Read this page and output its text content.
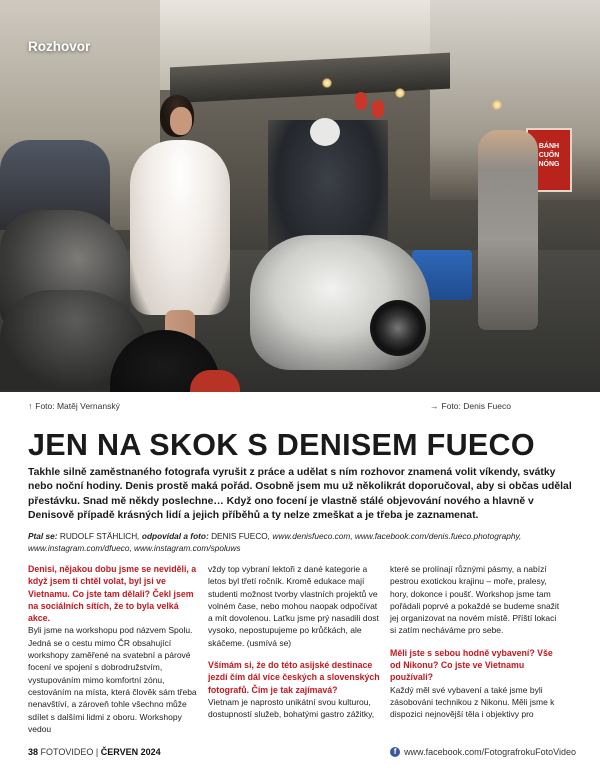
BÁNH CUỐN NÓNG
Rozhovor
↑ Foto: Matěj Vernanský	→ Foto: Denis Fueco
JEN NA SKOK S DENISEM FUECO

Takhle silně zaměstnaného fotografa vyrušit z práce a udělat s ním rozhovor znamená volit víkendy, svátky nebo noční hodiny. Denis prostě maká pořád. Osobně jsem mu už několikrát doporučoval, aby si občas udělal přestávku. Snad mě někdy poslechne… Když ono focení je vlastně stálé objevování nového a hlavně v Denisově případě krásných lidí a jejich příběhů a ty nelze zmeškat a je třeba je zaznamenat.

Ptal se: RUDOLF STÄHLICH, odpovídal a foto: DENIS FUECO, www.denisfueco.com, www.facebook.com/denis.fueco.photography, www.instagram.com/dfueco, www.instagram.com/spoluws

Denisi, nějakou dobu jsme se neviděli, a když jsem ti chtěl volat, byl jsi ve Vietnamu. Co jste tam dělali? Čekl jsem na sociálních sítích, že to byla velká akce.

Byli jsme na workshopu pod názvem Spolu. Jedná se o cestu mimo ČR obsahující workshopy zaměřené na svatební a párové focení ve spojení s dobrodružstvím, vystupováním mimo komfortní zónu, cestováním na místa, která člověk sám třeba nenavštíví, a zároveň tohle všechno může sdílet s dalšími lidmi z oboru. Workshopy vedou

vždy top vybraní lektoři z dané kategorie a letos byl třetí ročník. Kromě edukace mají studenti možnost tvorby vlastních projektů ve volném čase, nebo mohou naopak odpočívat a mít dovolenou. Laťku jsme prý nasadili dost vysoko, nepostupujeme po krůčkách, ale skáčeme. (usmívá se)

Všímám si, že do této asijské destinace jezdí čím dál více českých a slovenských fotografů. Čím je tak zajímavá?

Vietnam je naprosto unikátní svou kulturou, dostupností služeb, bohatými gastro zážitky,

které se prolínají různými pásmy, a nabízí pestrou exotickou krajinu – moře, pralesy, hory, dokonce i poušť. Workshop jsme tam pořádali poprvé a pokaždé se budeme snažit jej organizovat na novém místě. Příští lokaci si zatím necháváme pro sebe.

Měli jste s sebou hodně vybavení? Vše od Nikonu? Co jste ve Vietnamu používali?

Každý měl své vybavení a také jsme byli zásobováni technikou z Nikonu. Měli jsme k dispozici nejnovější těla i objektivy pro

38 FOTOVIDEO | ČERVEN 2024	f www.facebook.com/FotografrokuFotoVideo
